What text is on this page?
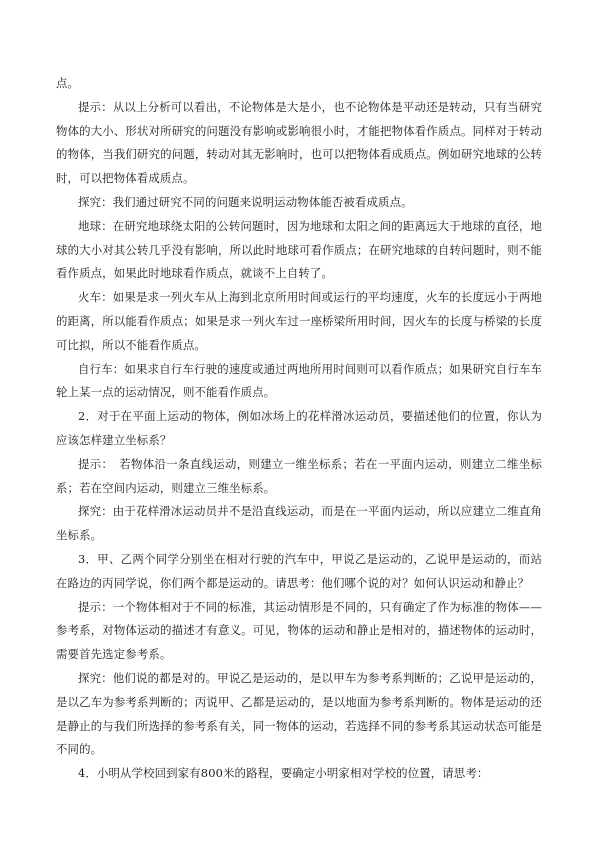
点。

提示：从以上分析可以看出，不论物体是大是小，也不论物体是平动还是转动，只有当研究物体的大小、形状对所研究的问题没有影响或影响很小时，才能把物体看作质点。同样对于转动的物体，当我们研究的问题，转动对其无影响时，也可以把物体看成质点。例如研究地球的公转时，可以把物体看成质点。

探究：我们通过研究不同的问题来说明运动物体能否被看成质点。

地球：在研究地球绕太阳的公转问题时，因为地球和太阳之间的距离远大于地球的直径，地球的大小对其公转几乎没有影响，所以此时地球可看作质点；在研究地球的自转问题时，则不能看作质点，如果此时地球看作质点，就谈不上自转了。

火车：如果是求一列火车从上海到北京所用时间或运行的平均速度，火车的长度远小于两地的距离，所以能看作质点；如果是求一列火车过一座桥梁所用时间，因火车的长度与桥梁的长度可比拟，所以不能看作质点。

自行车：如果求自行车行驶的速度或通过两地所用时间则可以看作质点；如果研究自行车车轮上某一点的运动情况，则不能看作质点。

2．对于在平面上运动的物体，例如冰场上的花样滑冰运动员，要描述他们的位置，你认为应该怎样建立坐标系？

提示：　若物体沿一条直线运动，则建立一维坐标系；若在一平面内运动，则建立二维坐标系；若在空间内运动，则建立三维坐标系。

探究：由于花样滑冰运动员并不是沿直线运动，而是在一平面内运动，所以应建立二维直角坐标系。

3．甲、乙两个同学分别坐在相对行驶的汽车中，甲说乙是运动的，乙说甲是运动的，而站在路边的丙同学说，你们两个都是运动的。请思考：他们哪个说的对？如何认识运动和静止？

提示：一个物体相对于不同的标准，其运动情形是不同的，只有确定了作为标准的物体——参考系，对物体运动的描述才有意义。可见，物体的运动和静止是相对的，描述物体的运动时，需要首先选定参考系。

探究：他们说的都是对的。甲说乙是运动的，是以甲车为参考系判断的；乙说甲是运动的，是以乙车为参考系判断的；丙说甲、乙都是运动的，是以地面为参考系判断的。物体是运动的还是静止的与我们所选择的参考系有关，同一物体的运动，若选择不同的参考系其运动状态可能是不同的。

4．小明从学校回到家有800米的路程，要确定小明家相对学校的位置，请思考：
